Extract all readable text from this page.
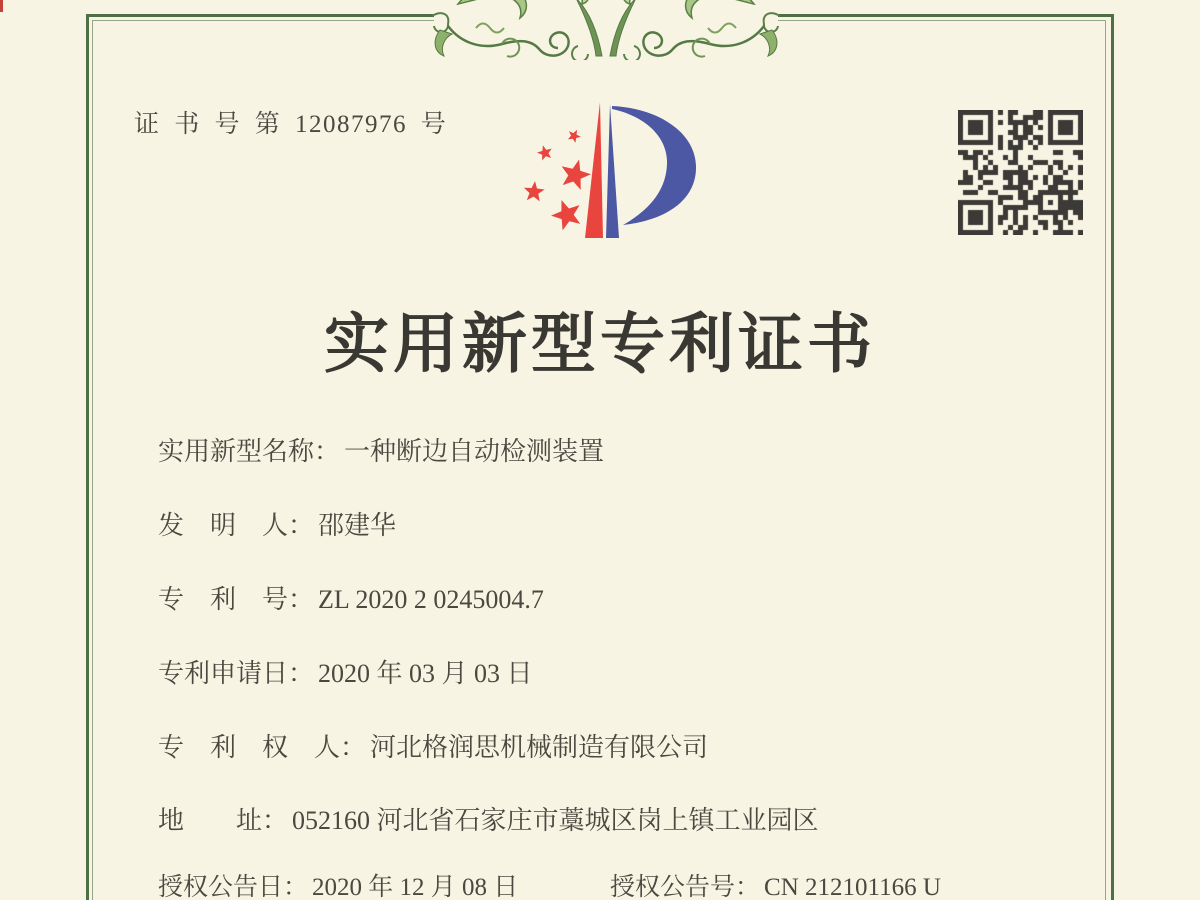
证 书 号 第 12087976 号
实用新型专利证书
实用新型名称： 一种断边自动检测装置
发　明　人： 邵建华
专　利　号： ZL 2020 2 0245004.7
专利申请日： 2020 年 03 月 03 日
专　利　权　人： 河北格润思机械制造有限公司
地　　址： 052160 河北省石家庄市藁城区岗上镇工业园区
授权公告日： 2020 年 12 月 08 日	授权公告号： CN 212101166 U
